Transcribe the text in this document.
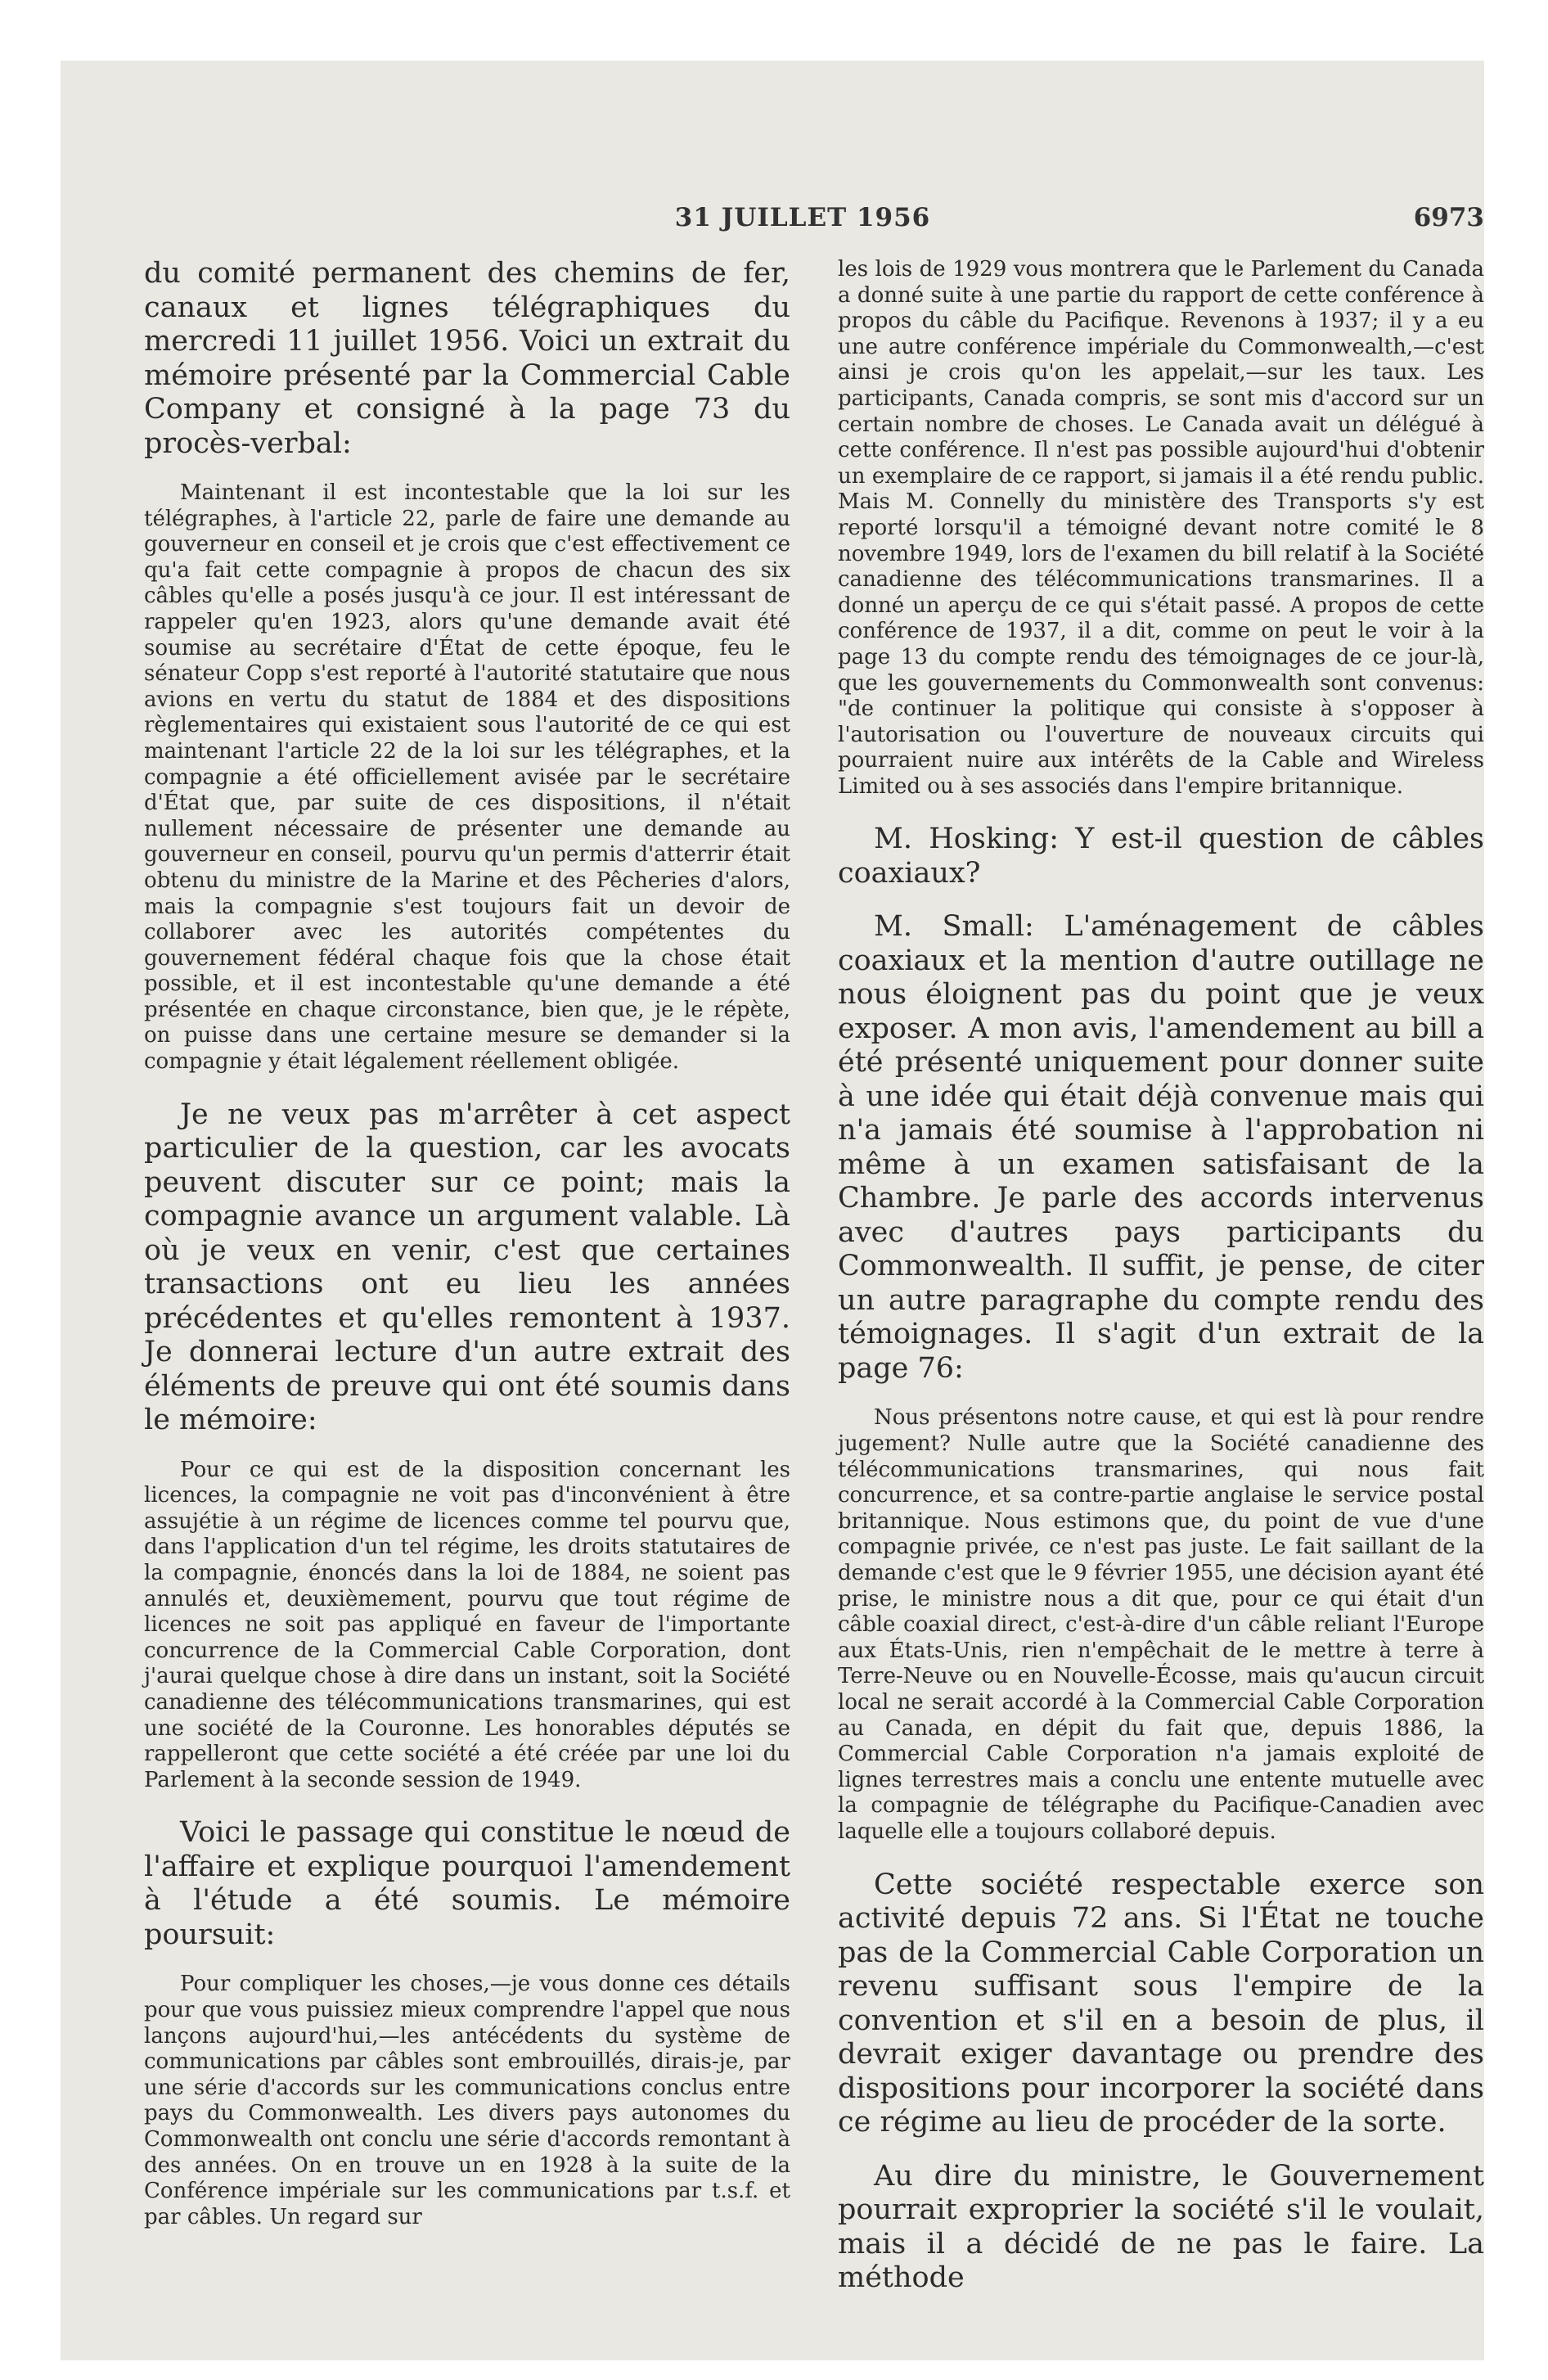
31 JUILLET 1956	6973

du comité permanent des chemins de fer, canaux et lignes télégraphiques du mercredi 11 juillet 1956. Voici un extrait du mémoire présenté par la Commercial Cable Company et consigné à la page 73 du procès-verbal:

Maintenant il est incontestable que la loi sur les télégraphes, à l'article 22, parle de faire une demande au gouverneur en conseil et je crois que c'est effectivement ce qu'a fait cette compagnie à propos de chacun des six câbles qu'elle a posés jusqu'à ce jour. Il est intéressant de rappeler qu'en 1923, alors qu'une demande avait été soumise au secrétaire d'État de cette époque, feu le sénateur Copp s'est reporté à l'autorité statutaire que nous avions en vertu du statut de 1884 et des dispositions règlementaires qui existaient sous l'autorité de ce qui est maintenant l'article 22 de la loi sur les télégraphes, et la compagnie a été officiellement avisée par le secrétaire d'État que, par suite de ces dispositions, il n'était nullement nécessaire de présenter une demande au gouverneur en conseil, pourvu qu'un permis d'atterrir était obtenu du ministre de la Marine et des Pêcheries d'alors, mais la compagnie s'est toujours fait un devoir de collaborer avec les autorités compétentes du gouvernement fédéral chaque fois que la chose était possible, et il est incontestable qu'une demande a été présentée en chaque circonstance, bien que, je le répète, on puisse dans une certaine mesure se demander si la compagnie y était légalement réellement obligée.

Je ne veux pas m'arrêter à cet aspect particulier de la question, car les avocats peuvent discuter sur ce point; mais la compagnie avance un argument valable. Là où je veux en venir, c'est que certaines transactions ont eu lieu les années précédentes et qu'elles remontent à 1937. Je donnerai lecture d'un autre extrait des éléments de preuve qui ont été soumis dans le mémoire:

Pour ce qui est de la disposition concernant les licences, la compagnie ne voit pas d'inconvénient à être assujétie à un régime de licences comme tel pourvu que, dans l'application d'un tel régime, les droits statutaires de la compagnie, énoncés dans la loi de 1884, ne soient pas annulés et, deuxièmement, pourvu que tout régime de licences ne soit pas appliqué en faveur de l'importante concurrence de la Commercial Cable Corporation, dont j'aurai quelque chose à dire dans un instant, soit la Société canadienne des télécommunications transmarines, qui est une société de la Couronne. Les honorables députés se rappelleront que cette société a été créée par une loi du Parlement à la seconde session de 1949.

Voici le passage qui constitue le nœud de l'affaire et explique pourquoi l'amendement à l'étude a été soumis. Le mémoire poursuit:

Pour compliquer les choses,—je vous donne ces détails pour que vous puissiez mieux comprendre l'appel que nous lançons aujourd'hui,—les antécédents du système de communications par câbles sont embrouillés, dirais-je, par une série d'accords sur les communications conclus entre pays du Commonwealth. Les divers pays autonomes du Commonwealth ont conclu une série d'accords remontant à des années. On en trouve un en 1928 à la suite de la Conférence impériale sur les communications par t.s.f. et par câbles. Un regard sur

les lois de 1929 vous montrera que le Parlement du Canada a donné suite à une partie du rapport de cette conférence à propos du câble du Pacifique. Revenons à 1937; il y a eu une autre conférence impériale du Commonwealth,—c'est ainsi je crois qu'on les appelait,—sur les taux. Les participants, Canada compris, se sont mis d'accord sur un certain nombre de choses. Le Canada avait un délégué à cette conférence. Il n'est pas possible aujourd'hui d'obtenir un exemplaire de ce rapport, si jamais il a été rendu public. Mais M. Connelly du ministère des Transports s'y est reporté lorsqu'il a témoigné devant notre comité le 8 novembre 1949, lors de l'examen du bill relatif à la Société canadienne des télécommunications transmarines. Il a donné un aperçu de ce qui s'était passé. A propos de cette conférence de 1937, il a dit, comme on peut le voir à la page 13 du compte rendu des témoignages de ce jour-là, que les gouvernements du Commonwealth sont convenus: "de continuer la politique qui consiste à s'opposer à l'autorisation ou l'ouverture de nouveaux circuits qui pourraient nuire aux intérêts de la Cable and Wireless Limited ou à ses associés dans l'empire britannique.

M. Hosking: Y est-il question de câbles coaxiaux?

M. Small: L'aménagement de câbles coaxiaux et la mention d'autre outillage ne nous éloignent pas du point que je veux exposer. A mon avis, l'amendement au bill a été présenté uniquement pour donner suite à une idée qui était déjà convenue mais qui n'a jamais été soumise à l'approbation ni même à un examen satisfaisant de la Chambre. Je parle des accords intervenus avec d'autres pays participants du Commonwealth. Il suffit, je pense, de citer un autre paragraphe du compte rendu des témoignages. Il s'agit d'un extrait de la page 76:

Nous présentons notre cause, et qui est là pour rendre jugement? Nulle autre que la Société canadienne des télécommunications transmarines, qui nous fait concurrence, et sa contre-partie anglaise le service postal britannique. Nous estimons que, du point de vue d'une compagnie privée, ce n'est pas juste. Le fait saillant de la demande c'est que le 9 février 1955, une décision ayant été prise, le ministre nous a dit que, pour ce qui était d'un câble coaxial direct, c'est-à-dire d'un câble reliant l'Europe aux États-Unis, rien n'empêchait de le mettre à terre à Terre-Neuve ou en Nouvelle-Écosse, mais qu'aucun circuit local ne serait accordé à la Commercial Cable Corporation au Canada, en dépit du fait que, depuis 1886, la Commercial Cable Corporation n'a jamais exploité de lignes terrestres mais a conclu une entente mutuelle avec la compagnie de télégraphe du Pacifique-Canadien avec laquelle elle a toujours collaboré depuis.

Cette société respectable exerce son activité depuis 72 ans. Si l'État ne touche pas de la Commercial Cable Corporation un revenu suffisant sous l'empire de la convention et s'il en a besoin de plus, il devrait exiger davantage ou prendre des dispositions pour incorporer la société dans ce régime au lieu de procéder de la sorte.

Au dire du ministre, le Gouvernement pourrait exproprier la société s'il le voulait, mais il a décidé de ne pas le faire. La méthode
